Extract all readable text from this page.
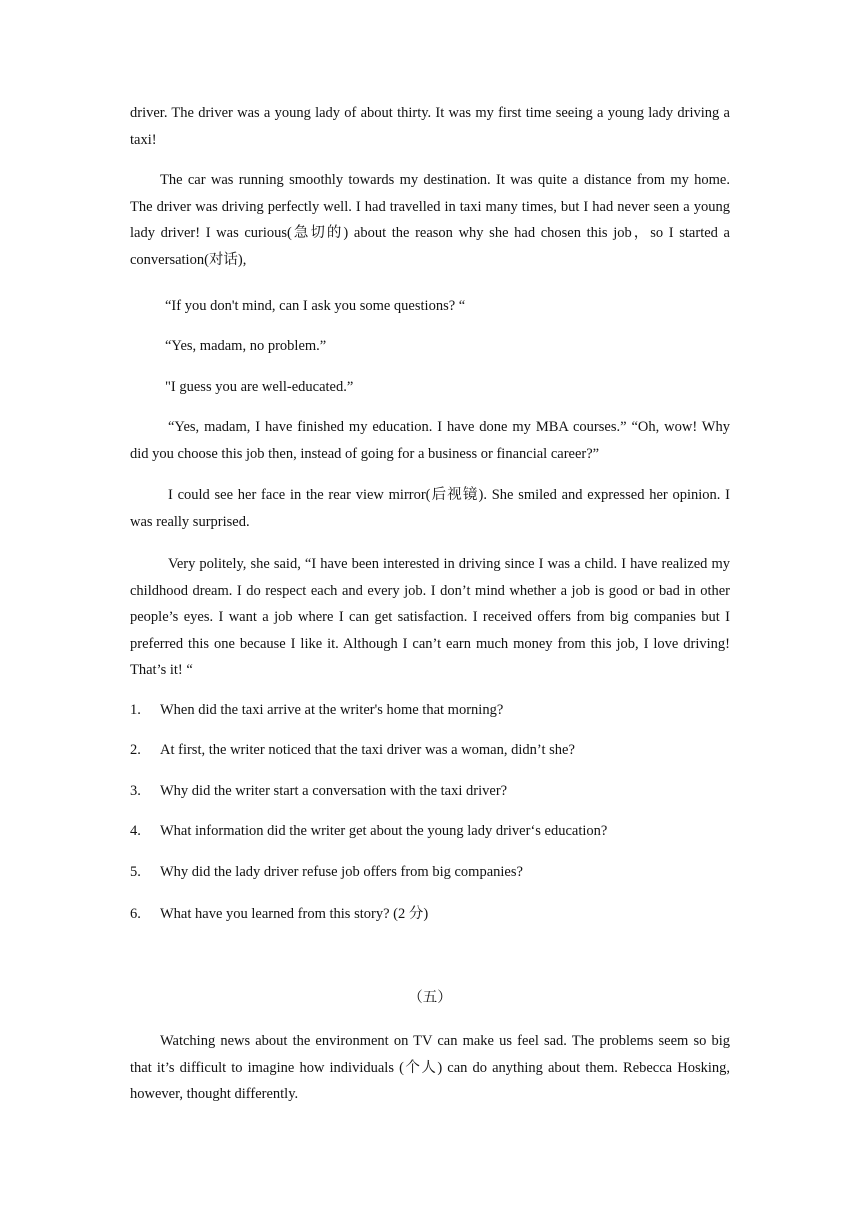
driver. The driver was a young lady of about thirty. It was my first time seeing a young lady driving a taxi!

The car was running smoothly towards my destination. It was quite a distance from my home. The driver was driving perfectly well. I had travelled in taxi many times, but I had never seen a young lady driver! I was curious(急切的) about the reason why she had chosen this job，so I started a conversation(对话),

“If you don't mind, can I ask you some questions? “

“Yes, madam, no problem.”

"I guess you are well-educated.”

“Yes, madam, I have finished my education. I have done my MBA courses.” “Oh, wow! Why did you choose this job then, instead of going for a business or financial career?”

I could see her face in the rear view mirror(后视镜). She smiled and expressed her opinion. I was really surprised.

Very politely, she said, “I have been interested in driving since I was a child. I have realized my childhood dream. I do respect each and every job. I don’t mind whether a job is good or bad in other people’s eyes. I want a job where I can get satisfaction. I received offers from big companies but I preferred this one because I like it. Although I can’t earn much money from this job, I love driving! That’s it! “

1. When did the taxi arrive at the writer's home that morning?

2. At first, the writer noticed that the taxi driver was a woman, didn’t she?

3. Why did the writer start a conversation with the taxi driver?

4. What information did the writer get about the young lady driver‘s education?

5. Why did the lady driver refuse job offers from big companies?

6. What have you learned from this story? (2 分)

（五）

Watching news about the environment on TV can make us feel sad. The problems seem so big that it’s difficult to imagine how individuals (个人) can do anything about them. Rebecca Hosking, however, thought differently.
